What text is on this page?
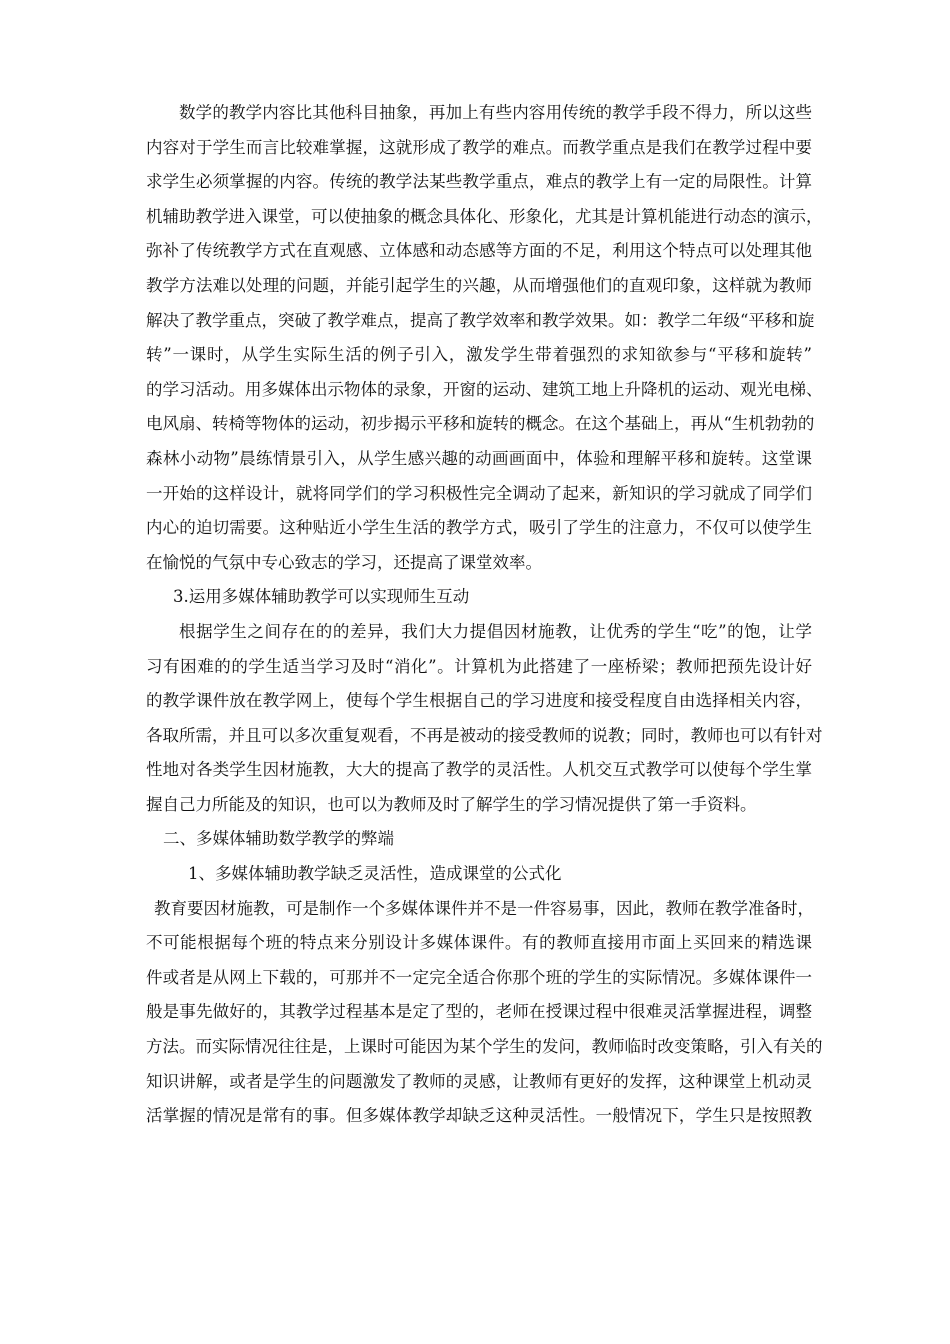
数学的教学内容比其他科目抽象，再加上有些内容用传统的教学手段不得力，所以这些
内容对于学生而言比较难掌握，这就形成了教学的难点。而教学重点是我们在教学过程中要
求学生必须掌握的内容。传统的教学法某些教学重点，难点的教学上有一定的局限性。计算
机辅助教学进入课堂，可以使抽象的概念具体化、形象化，尤其是计算机能进行动态的演示，
弥补了传统教学方式在直观感、立体感和动态感等方面的不足，利用这个特点可以处理其他
教学方法难以处理的问题，并能引起学生的兴趣，从而增强他们的直观印象，这样就为教师
解决了教学重点，突破了教学难点，提高了教学效率和教学效果。如：教学二年级“平移和旋
转”一课时，从学生实际生活的例子引入，激发学生带着强烈的求知欲参与“平移和旋转”
的学习活动。用多媒体出示物体的录象，开窗的运动、建筑工地上升降机的运动、观光电梯、
电风扇、转椅等物体的运动，初步揭示平移和旋转的概念。在这个基础上，再从“生机勃勃的
森林小动物”晨练情景引入，从学生感兴趣的动画画面中，体验和理解平移和旋转。这堂课
一开始的这样设计，就将同学们的学习积极性完全调动了起来，新知识的学习就成了同学们
内心的迫切需要。这种贴近小学生生活的教学方式，吸引了学生的注意力，不仅可以使学生
在愉悦的气氛中专心致志的学习，还提高了课堂效率。
3.运用多媒体辅助教学可以实现师生互动
根据学生之间存在的的差异，我们大力提倡因材施教，让优秀的学生“吃”的饱，让学
习有困难的的学生适当学习及时“消化”。计算机为此搭建了一座桥梁；教师把预先设计好
的教学课件放在教学网上，使每个学生根据自己的学习进度和接受程度自由选择相关内容，
各取所需，并且可以多次重复观看，不再是被动的接受教师的说教；同时，教师也可以有针对
性地对各类学生因材施教，大大的提高了教学的灵活性。人机交互式教学可以使每个学生掌
握自己力所能及的知识，也可以为教师及时了解学生的学习情况提供了第一手资料。
二、多媒体辅助数学教学的弊端
1、多媒体辅助教学缺乏灵活性，造成课堂的公式化
教育要因材施教，可是制作一个多媒体课件并不是一件容易事，因此，教师在教学准备时，
不可能根据每个班的特点来分别设计多媒体课件。有的教师直接用市面上买回来的精选课
件或者是从网上下载的，可那并不一定完全适合你那个班的学生的实际情况。多媒体课件一
般是事先做好的，其教学过程基本是定了型的，老师在授课过程中很难灵活掌握进程，调整
方法。而实际情况往往是，上课时可能因为某个学生的发问，教师临时改变策略，引入有关的
知识讲解，或者是学生的问题激发了教师的灵感，让教师有更好的发挥，这种课堂上机动灵
活掌握的情况是常有的事。但多媒体教学却缺乏这种灵活性。一般情况下，学生只是按照教
